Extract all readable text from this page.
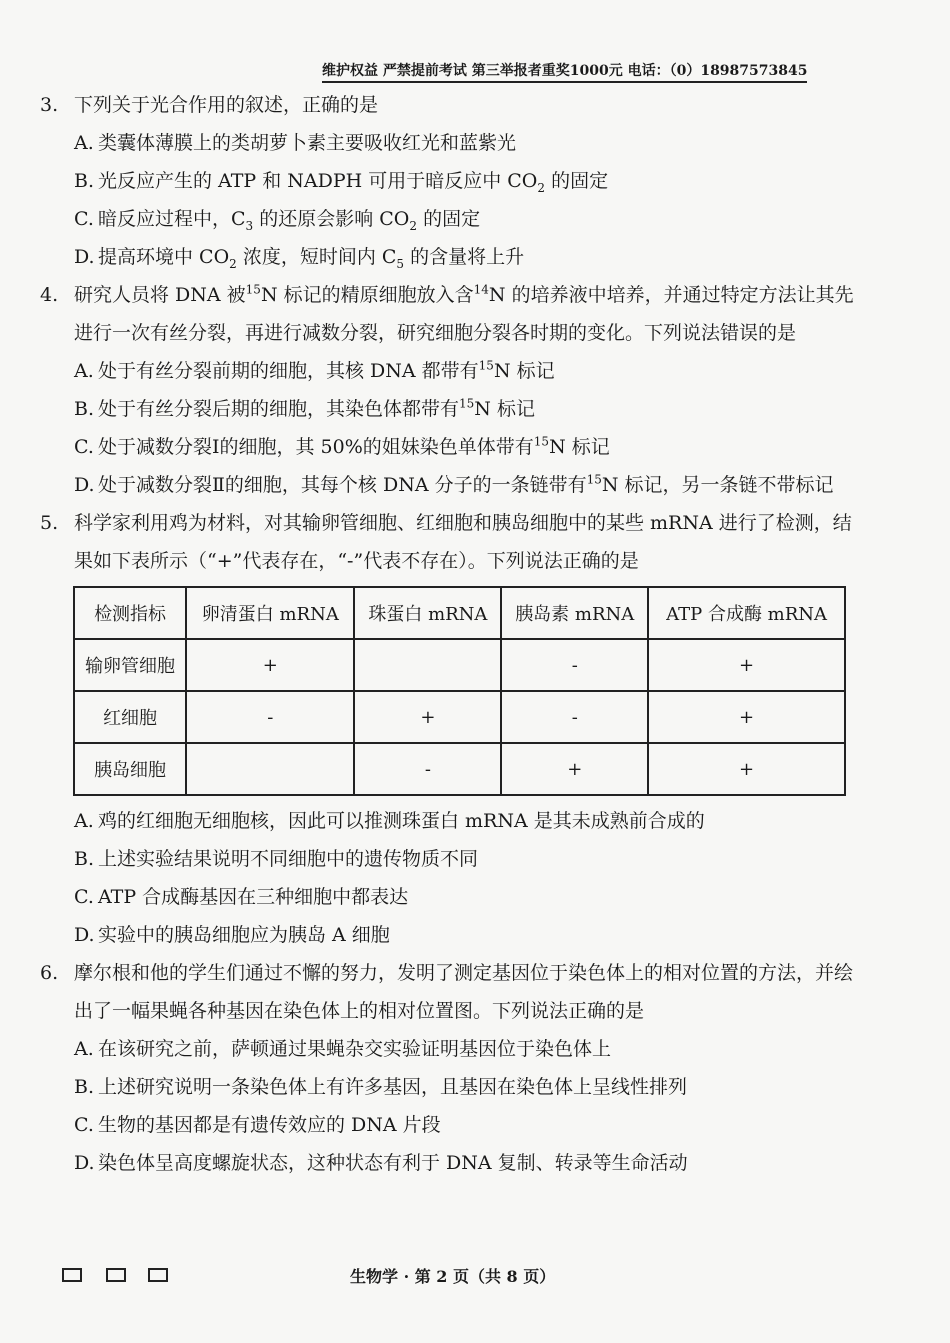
维护权益 严禁提前考试 第三举报者重奖1000元 电话：（0）18987573845
3. 下列关于光合作用的叙述，正确的是
A. 类囊体薄膜上的类胡萝卜素主要吸收红光和蓝紫光
B. 光反应产生的 ATP 和 NADPH 可用于暗反应中 $CO_2$ 的固定
C. 暗反应过程中，$C_3$ 的还原会影响 $CO_2$ 的固定
D. 提高环境中 $CO_2$ 浓度，短时间内 $C_5$ 的含量将上升
4. 研究人员将 DNA 被$^{15}$N 标记的精原细胞放入含$^{14}$N 的培养液中培养，并通过特定方法让其先进行一次有丝分裂，再进行减数分裂，研究细胞分裂各时期的变化。下列说法错误的是
A. 处于有丝分裂前期的细胞，其核 DNA 都带有$^{15}$N 标记
B. 处于有丝分裂后期的细胞，其染色体都带有$^{15}$N 标记
C. 处于减数分裂Ⅰ的细胞，其 50%的姐妹染色单体带有$^{15}$N 标记
D. 处于减数分裂Ⅱ的细胞，其每个核 DNA 分子的一条链带有$^{15}$N 标记，另一条链不带标记
5. 科学家利用鸡为材料，对其输卵管细胞、红细胞和胰岛细胞中的某些 mRNA 进行了检测，结果如下表所示（“+”代表存在，“-”代表不存在）。下列说法正确的是
检测指标	卵清蛋白 mRNA	珠蛋白 mRNA	胰岛素 mRNA	ATP 合成酶 mRNA
输卵管细胞	+		-	+
红细胞	-	+	-	+
胰岛细胞		-	+	+
A. 鸡的红细胞无细胞核，因此可以推测珠蛋白 mRNA 是其未成熟前合成的
B. 上述实验结果说明不同细胞中的遗传物质不同
C. ATP 合成酶基因在三种细胞中都表达
D. 实验中的胰岛细胞应为胰岛 A 细胞
6. 摩尔根和他的学生们通过不懈的努力，发明了测定基因位于染色体上的相对位置的方法，并绘出了一幅果蝇各种基因在染色体上的相对位置图。下列说法正确的是
A. 在该研究之前，萨顿通过果蝇杂交实验证明基因位于染色体上
B. 上述研究说明一条染色体上有许多基因，且基因在染色体上呈线性排列
C. 生物的基因都是有遗传效应的 DNA 片段
D. 染色体呈高度螺旋状态，这种状态有利于 DNA 复制、转录等生命活动
生物学 · 第 2 页（共 8 页）
